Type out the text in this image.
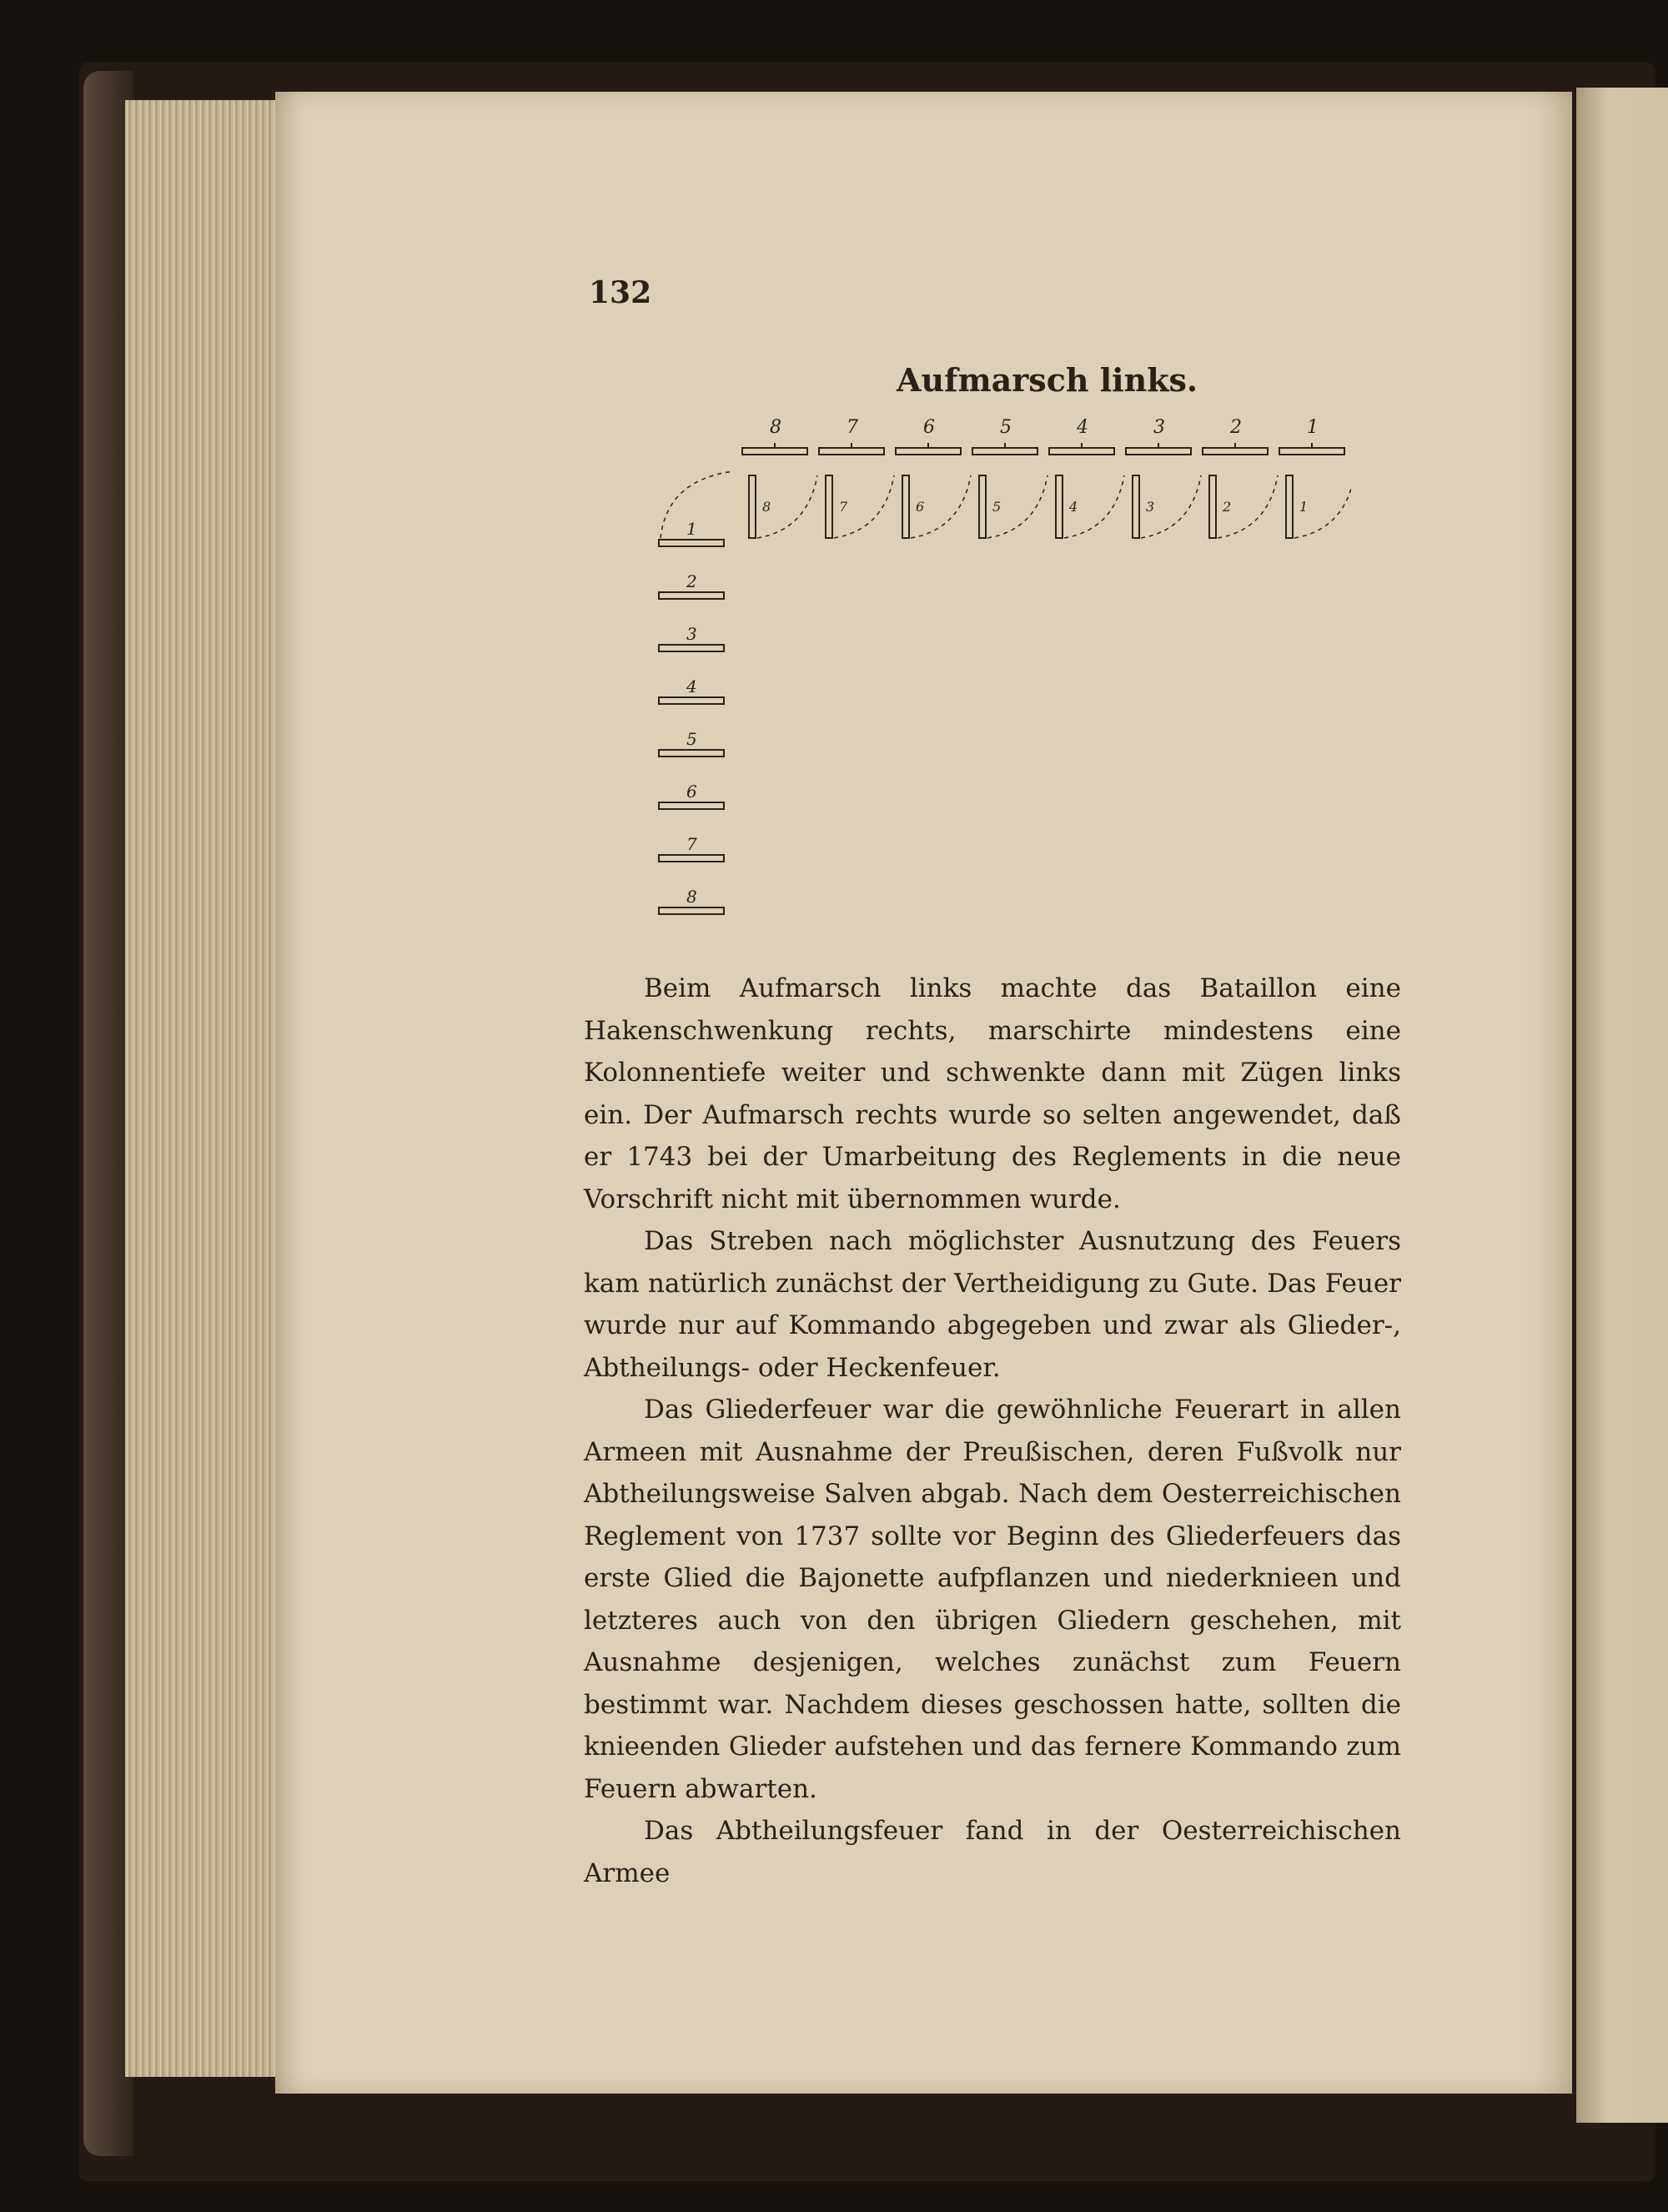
132
Aufmarsch links.
8	7	6	5	4	3	2	1
8	7	6	5	4	3	2	1
1
2
3
4
5
6
7
8

Beim Aufmarsch links machte das Bataillon eine Hakenschwenkung rechts, marschirte mindestens eine Kolonnentiefe weiter und schwenkte dann mit Zügen links ein. Der Aufmarsch rechts wurde so selten angewendet, daß er 1743 bei der Umarbeitung des Reglements in die neue Vorschrift nicht mit übernommen wurde.

Das Streben nach möglichster Ausnutzung des Feuers kam natürlich zunächst der Vertheidigung zu Gute. Das Feuer wurde nur auf Kommando abgegeben und zwar als Glieder-, Abtheilungs- oder Heckenfeuer.

Das Gliederfeuer war die gewöhnliche Feuerart in allen Armeen mit Ausnahme der Preußischen, deren Fußvolk nur Abtheilungsweise Salven abgab. Nach dem Oesterreichischen Reglement von 1737 sollte vor Beginn des Gliederfeuers das erste Glied die Bajonette aufpflanzen und niederknieen und letzteres auch von den übrigen Gliedern geschehen, mit Ausnahme desjenigen, welches zunächst zum Feuern bestimmt war. Nachdem dieses geschossen hatte, sollten die knieenden Glieder aufstehen und das fernere Kommando zum Feuern abwarten.

Das Abtheilungsfeuer fand in der Oesterreichischen Armee
